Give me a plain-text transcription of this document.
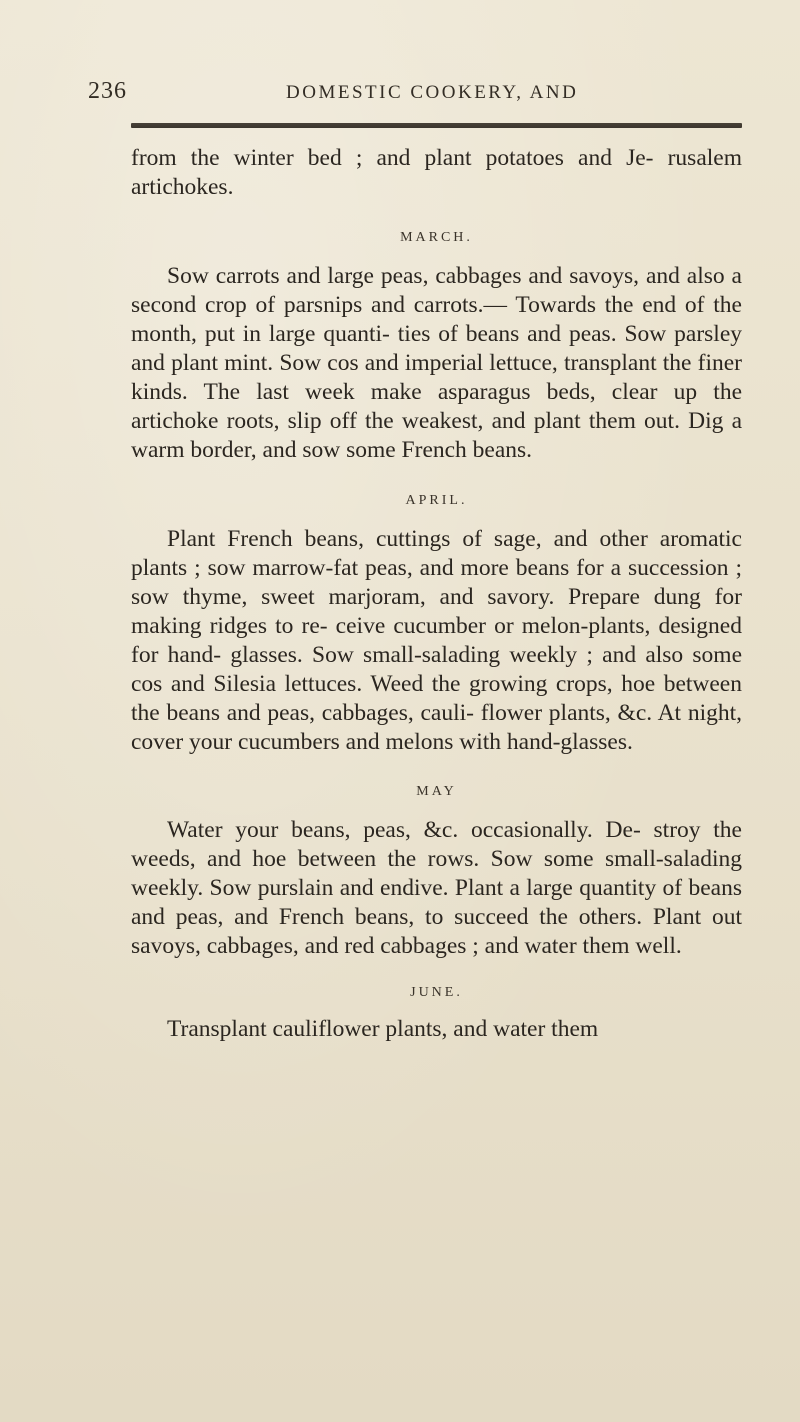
236	DOMESTIC COOKERY, AND

from the winter bed ; and plant potatoes and Je- rusalem artichokes.

MARCH.

Sow carrots and large peas, cabbages and savoys, and also a second crop of parsnips and carrots.— Towards the end of the month, put in large quanti- ties of beans and peas. Sow parsley and plant mint. Sow cos and imperial lettuce, transplant the finer kinds. The last week make asparagus beds, clear up the artichoke roots, slip off the weakest, and plant them out. Dig a warm border, and sow some French beans.

APRIL.

Plant French beans, cuttings of sage, and other aromatic plants ; sow marrow-fat peas, and more beans for a succession ; sow thyme, sweet marjoram, and savory. Prepare dung for making ridges to re- ceive cucumber or melon-plants, designed for hand- glasses. Sow small-salading weekly ; and also some cos and Silesia lettuces. Weed the growing crops, hoe between the beans and peas, cabbages, cauli- flower plants, &c. At night, cover your cucumbers and melons with hand-glasses.

MAY

Water your beans, peas, &c. occasionally. De- stroy the weeds, and hoe between the rows. Sow some small-salading weekly. Sow purslain and endive. Plant a large quantity of beans and peas, and French beans, to succeed the others. Plant out savoys, cabbages, and red cabbages ; and water them well.

JUNE.

Transplant cauliflower plants, and water them
